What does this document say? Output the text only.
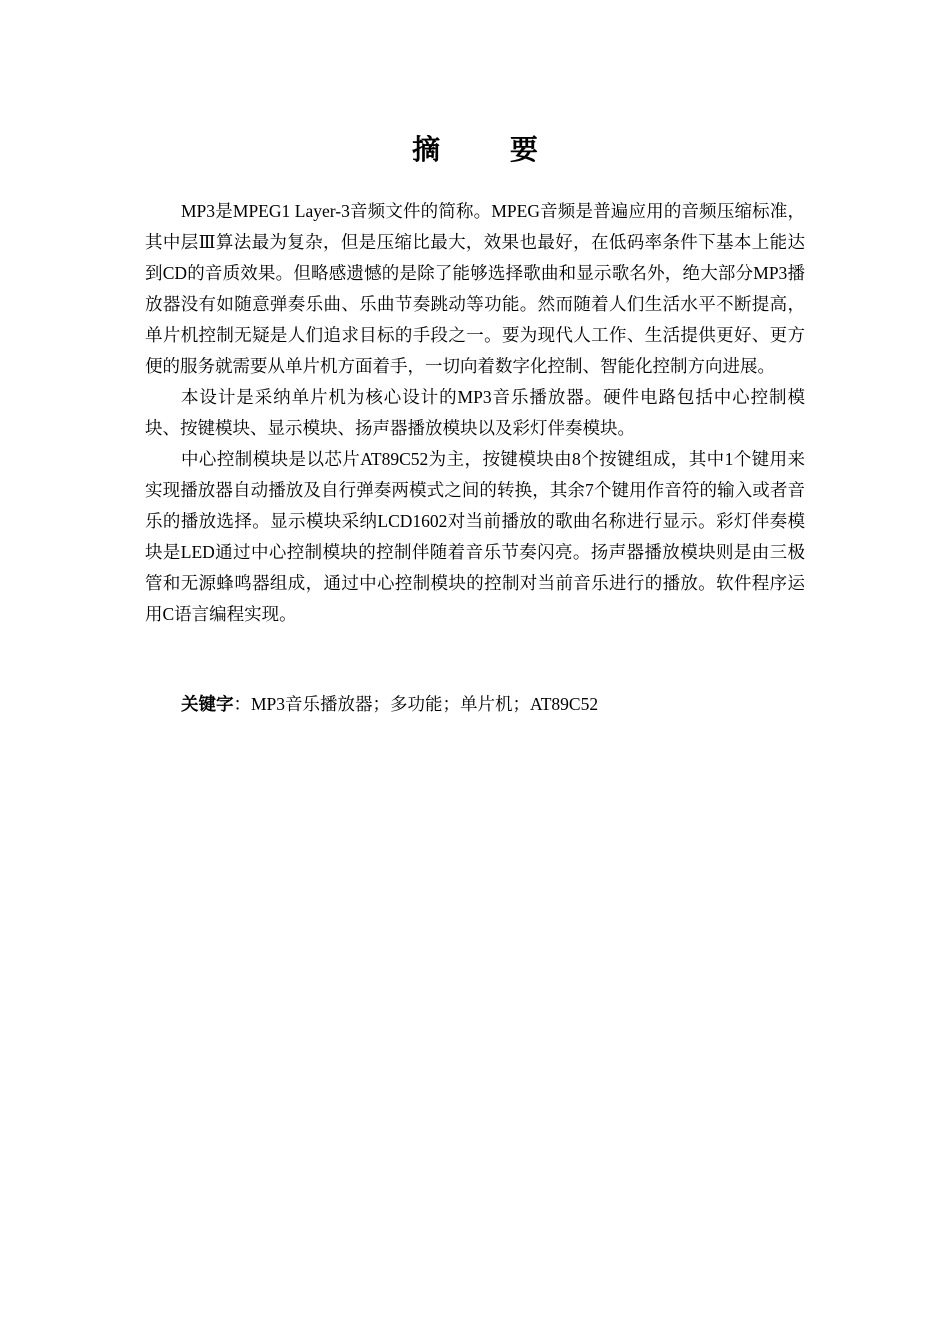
摘 要

MP3是MPEG1 Layer-3音频文件的简称。MPEG音频是普遍应用的音频压缩标准，其中层Ⅲ算法最为复杂，但是压缩比最大，效果也最好，在低码率条件下基本上能达到CD的音质效果。但略感遗憾的是除了能够选择歌曲和显示歌名外，绝大部分MP3播放器没有如随意弹奏乐曲、乐曲节奏跳动等功能。然而随着人们生活水平不断提高，单片机控制无疑是人们追求目标的手段之一。要为现代人工作、生活提供更好、更方便的服务就需要从单片机方面着手，一切向着数字化控制、智能化控制方向进展。

本设计是采纳单片机为核心设计的MP3音乐播放器。硬件电路包括中心控制模块、按键模块、显示模块、扬声器播放模块以及彩灯伴奏模块。

中心控制模块是以芯片AT89C52为主，按键模块由8个按键组成，其中1个键用来实现播放器自动播放及自行弹奏两模式之间的转换，其余7个键用作音符的输入或者音乐的播放选择。显示模块采纳LCD1602对当前播放的歌曲名称进行显示。彩灯伴奏模块是LED通过中心控制模块的控制伴随着音乐节奏闪亮。扬声器播放模块则是由三极管和无源蜂鸣器组成，通过中心控制模块的控制对当前音乐进行的播放。软件程序运用C语言编程实现。

关键字：MP3音乐播放器；多功能；单片机；AT89C52
